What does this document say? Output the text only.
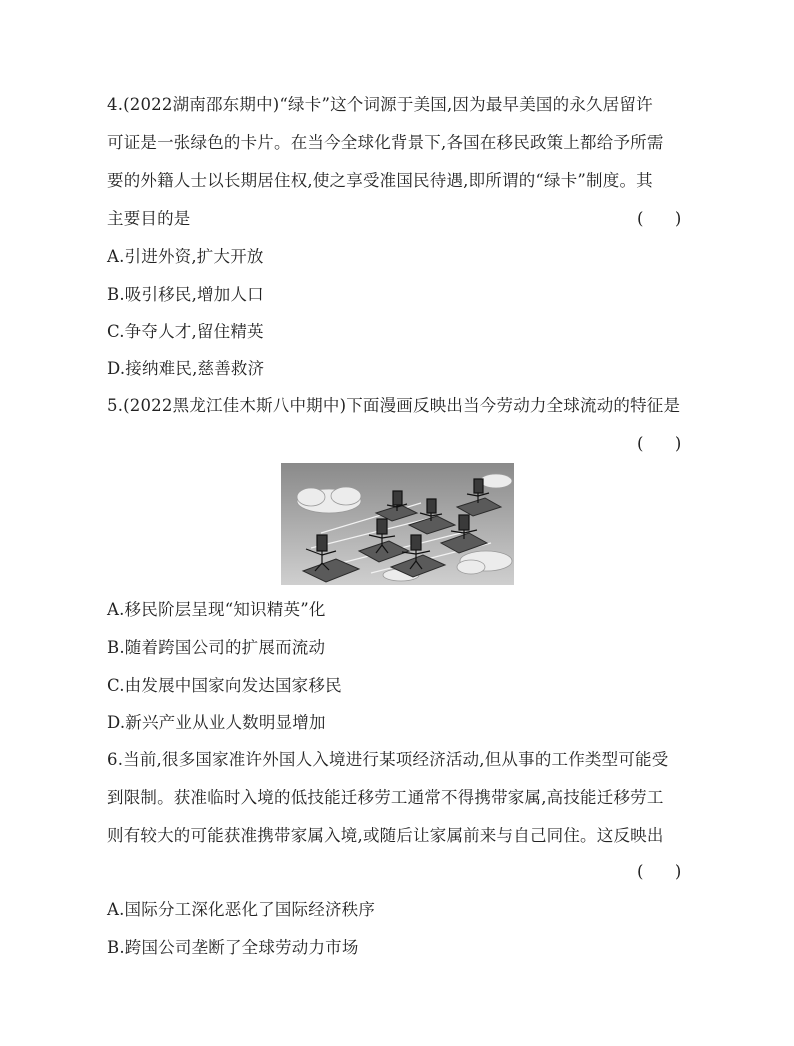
4.(2022湖南邵东期中)“绿卡”这个词源于美国,因为最早美国的永久居留许
可证是一张绿色的卡片。在当今全球化背景下,各国在移民政策上都给予所需
要的外籍人士以长期居住权,使之享受准国民待遇,即所谓的“绿卡”制度。其
主要目的是	(      )
A.引进外资,扩大开放
B.吸引移民,增加人口
C.争夺人才,留住精英
D.接纳难民,慈善救济
5.(2022黑龙江佳木斯八中期中)下面漫画反映出当今劳动力全球流动的特征是
(      )
A.移民阶层呈现“知识精英”化
B.随着跨国公司的扩展而流动
C.由发展中国家向发达国家移民
D.新兴产业从业人数明显增加
6.当前,很多国家准许外国人入境进行某项经济活动,但从事的工作类型可能受
到限制。获准临时入境的低技能迁移劳工通常不得携带家属,高技能迁移劳工
则有较大的可能获准携带家属入境,或随后让家属前来与自己同住。这反映出
(      )
A.国际分工深化恶化了国际经济秩序
B.跨国公司垄断了全球劳动力市场
